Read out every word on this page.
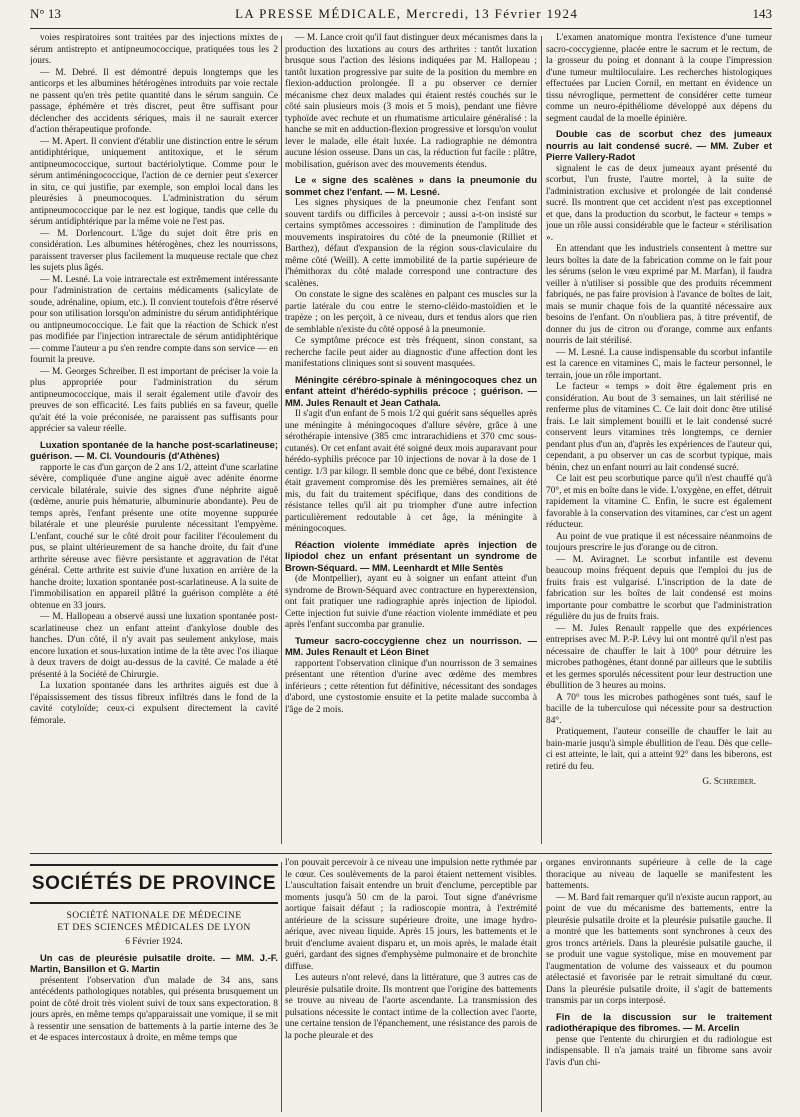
N° 13	LA PRESSE MÉDICALE, Mercredi, 13 Février 1924	143

voies respiratoires sont traitées par des injections mixtes de sérum antistrepto et antipneumococcique, pratiquées tous les 2 jours.

— M. Debré. Il est démontré depuis longtemps que les anticorps et les albumines hétérogènes introduits par voie rectale ne passent qu'en très petite quantité dans le sérum sanguin. Ce passage, éphémère et très discret, peut être suffisant pour déclencher des accidents sériques, mais il ne saurait exercer d'action thérapeutique profonde.

— M. Apert. Il convient d'établir une distinction entre le sérum antidiphtérique, uniquement antitoxique, et le sérum antipneumococcique, surtout bactériolytique. Comme pour le sérum antiméningococcique, l'action de ce dernier peut s'exercer in situ, ce qui justifie, par exemple, son emploi local dans les pleurésies à pneumocoques. L'administration du sérum antipneumococcique par le nez est logique, tandis que celle du sérum antidiphtérique par la même voie ne l'est pas.

— M. Dorlencourt. L'âge du sujet doit être pris en considération. Les albumines hétérogènes, chez les nourrissons, paraissent traverser plus facilement la muqueuse rectale que chez les sujets plus âgés.

— M. Lesné. La voie intrarectale est extrêmement intéressante pour l'administration de certains médicaments (salicylate de soude, adrénaline, opium, etc.). Il convient toutefois d'être réservé pour son utilisation lorsqu'on administre du sérum antidiphtérique ou antipneumococcique. Le fait que la réaction de Schick n'est pas modifiée par l'injection intrarectale de sérum antidiphtérique — comme l'auteur a pu s'en rendre compte dans son service — en fournit la preuve.

— M. Georges Schreiber. Il est important de préciser la voie la plus appropriée pour l'administration du sérum antipneumococcique, mais il serait également utile d'avoir des preuves de son efficacité. Les faits publiés en sa faveur, quelle qu'ait été la voie préconisée, ne paraissent pas suffisants pour apprécier sa valeur réelle.

Luxation spontanée de la hanche post-scarlatineuse; guérison. — M. Cl. Voundouris (d'Athènes)

rapporte le cas d'un garçon de 2 ans 1/2, atteint d'une scarlatine sévère, compliquée d'une angine aiguë avec adénite énorme cervicale bilatérale, suivie des signes d'une néphrite aiguë (œdème, anurie puis hématurie, albuminurie abondante). Peu de temps après, l'enfant présente une otite moyenne suppurée bilatérale et une pleurésie purulente nécessitant l'empyème. L'enfant, couché sur le côté droit pour faciliter l'écoulement du pus, se plaint ultérieurement de sa hanche droite, du fait d'une arthrite séreuse avec fièvre persistante et aggravation de l'état général. Cette arthrite est suivie d'une luxation en arrière de la hanche droite; luxation spontanée post-scarlatineuse. A la suite de l'immobilisation en appareil plâtré la guérison complète a été obtenue en 33 jours.

— M. Hallopeau a observé aussi une luxation spontanée post-scarlatineuse chez un enfant atteint d'ankylose double des hanches. D'un côté, il n'y avait pas seulement ankylose, mais encore luxation et sous-luxation intime de la tête avec l'os iliaque à deux travers de doigt au-dessus de la cavité. Ce malade a été présenté à la Société de Chirurgie.

La luxation spontanée dans les arthrites aiguës est due à l'épaississement des tissus fibreux infiltrés dans le fond de la cavité cotyloïde; ceux-ci expulsent directement la cavité fémorale.

— M. Lance croit qu'il faut distinguer deux mécanismes dans la production des luxations au cours des arthrites : tantôt luxation brusque sous l'action des lésions indiquées par M. Hallopeau ; tantôt luxation progressive par suite de la position du membre en flexion-adduction prolongée. Il a pu observer ce dernier mécanisme chez deux malades qui étaient restés couchés sur le côté sain plusieurs mois (3 mois et 5 mois), pendant une fièvre typhoïde avec rechute et un rhumatisme articulaire généralisé : la hanche se mit en adduction-flexion progressive et lorsqu'on voulut lever le malade, elle était luxée. La radiographie ne démontra aucune lésion osseuse. Dans un cas, la réduction fut facile : plâtre, mobilisation, guérison avec des mouvements étendus.

Le « signe des scalènes » dans la pneumonie du sommet chez l'enfant. — M. Lesné.

Les signes physiques de la pneumonie chez l'enfant sont souvent tardifs ou difficiles à percevoir ; aussi a-t-on insisté sur certains symptômes accessoires : diminution de l'amplitude des mouvements inspiratoires du côté de la pneumonie (Rilliet et Barthez), défaut d'expansion de la région sous-claviculaire du même côté (Weill). A cette immobilité de la partie supérieure de l'hémithorax du côté malade correspond une contracture des scalènes.

On constate le signe des scalènes en palpant ces muscles sur la partie latérale du cou entre le sterno-cléido-mastoïdien et le trapèze ; on les perçoit, à ce niveau, durs et tendus alors que rien de semblable n'existe du côté opposé à la pneumonie.

Ce symptôme précoce est très fréquent, sinon constant, sa recherche facile peut aider au diagnostic d'une affection dont les manifestations cliniques sont si souvent masquées.

Méningite cérébro-spinale à méningocoques chez un enfant atteint d'hérédo-syphilis précoce ; guérison. — MM. Jules Renault et Jean Cathala.

Il s'agit d'un enfant de 5 mois 1/2 qui guérit sans séquelles après une méningite à méningocoques d'allure sévère, grâce à une sérothérapie intensive (385 cmc intrarachidiens et 370 cmc sous-cutanés). Or cet enfant avait été soigné deux mois auparavant pour hérédo-syphilis précoce par 10 injections de novar à la dose de 1 centigr. 1/3 par kilogr. Il semble donc que ce bébé, dont l'existence était gravement compromise dès les premières semaines, ait été mis, du fait du traitement spécifique, dans des conditions de résistance telles qu'il ait pu triompher d'une autre infection particulièrement redoutable à cet âge, la méningite à méningocoques.

Réaction violente immédiate après injection de lipiodol chez un enfant présentant un syndrome de Brown-Séquard. — MM. Leenhardt et Mlle Sentès

(de Montpellier), ayant eu à soigner un enfant atteint d'un syndrome de Brown-Séquard avec contracture en hyperextension, ont fait pratiquer une radiographie après injection de lipiodol. Cette injection fut suivie d'une réaction violente immédiate et peu après l'enfant succomba par granulie.

Tumeur sacro-coccygienne chez un nourrisson. — MM. Jules Renault et Léon Binet

rapportent l'observation clinique d'un nourrisson de 3 semaines présentant une rétention d'urine avec œdème des membres inférieurs ; cette rétention fut définitive, nécessitant des sondages d'abord, une cystostomie ensuite et la petite malade succomba à l'âge de 2 mois.

L'examen anatomique montra l'existence d'une tumeur sacro-coccygienne, placée entre le sacrum et le rectum, de la grosseur du poing et donnant à la coupe l'impression d'une tumeur multiloculaire. Les recherches histologiques effectuées par Lucien Cornil, en mettant en évidence un tissu névroglique, permettent de considérer cette tumeur comme un neuro-épithéliome développé aux dépens du segment caudal de la moelle épinière.

Double cas de scorbut chez des jumeaux nourris au lait condensé sucré. — MM. Zuber et Pierre Vallery-Radot

signalent le cas de deux jumeaux ayant présenté du scorbut, l'un fruste, l'autre mortel, à la suite de l'administration exclusive et prolongée de lait condensé sucré. Ils montrent que cet accident n'est pas exceptionnel et que, dans la production du scorbut, le facteur « temps » joue un rôle aussi considérable que le facteur « stérilisation ».

En attendant que les industriels consentent à mettre sur leurs boîtes la date de la fabrication comme on le fait pour les sérums (selon le vœu exprimé par M. Marfan), il faudra veiller à n'utiliser si possible que des produits récemment fabriqués, ne pas faire provision à l'avance de boîtes de lait, mais se munir chaque fois de la quantité nécessaire aux besoins de l'enfant. On n'oubliera pas, à titre préventif, de donner du jus de citron ou d'orange, comme aux enfants nourris de lait stérilisé.

— M. Lesné. La cause indispensable du scorbut infantile est la carence en vitamines C, mais le facteur personnel, le terrain, joue un rôle important.

Le facteur « temps » doit être également pris en considération. Au bout de 3 semaines, un lait stérilisé ne renferme plus de vitamines C. Ce lait doit donc être utilisé frais. Le lait simplement bouilli et le lait condensé sucré conservent leurs vitamines très longtemps, ce dernier pendant plus d'un an, d'après les expériences de l'auteur qui, cependant, a pu observer un cas de scorbut typique, mais bénin, chez un enfant nourri au lait condensé sucré.

Ce lait est peu scorbutique parce qu'il n'est chauffé qu'à 70°, et mis en boîte dans le vide. L'oxygène, en effet, détruit rapidement la vitamine C. Enfin, le sucre est également favorable à la conservation des vitamines, car c'est un agent réducteur.

Au point de vue pratique il est nécessaire néanmoins de toujours prescrire le jus d'orange ou de citron.

— M. Aviragnet. Le scorbut infantile est devenu beaucoup moins fréquent depuis que l'emploi du jus de fruits frais est vulgarisé. L'inscription de la date de fabrication sur les boîtes de lait condensé est moins importante pour combattre le scorbut que l'administration régulière du jus de fruits frais.

— M. Jules Renault rappelle que des expériences entreprises avec M. P.-P. Lévy lui ont montré qu'il n'est pas nécessaire de chauffer le lait à 100° pour détruire les microbes pathogènes, étant donné par ailleurs que le subtilis et les germes sporulés nécessitent pour leur destruction une ébullition de 3 heures au moins.

A 70° tous les microbes pathogènes sont tués, sauf le bacille de la tuberculose qui nécessite pour sa destruction 84°.

Pratiquement, l'auteur conseille de chauffer le lait au bain-marie jusqu'à simple ébullition de l'eau. Dès que celle-ci est atteinte, le lait, qui a atteint 92° dans les biberons, est retiré du feu.

G. Schreiber.
SOCIÉTÉS DE PROVINCE
SOCIÉTÉ NATIONALE DE MÉDECINE
ET DES SCIENCES MÉDICALES DE LYON
6 Février 1924.
Un cas de pleurésie pulsatile droite. — MM. J.-F. Martin, Bansillon et G. Martin

présentent l'observation d'un malade de 34 ans, sans antécédents pathologiques notables, qui présenta brusquement un point de côté droit très violent suivi de toux sans expectoration. 8 jours après, en même temps qu'apparaissait une vomique, il se mit à ressentir une sensation de battements à la partie interne des 3e et 4e espaces intercostaux à droite, en même temps que

l'on pouvait percevoir à ce niveau une impulsion nette rythmée par le cœur. Ces soulèvements de la paroi étaient nettement visibles. L'auscultation faisait entendre un bruit d'enclume, perceptible par moments jusqu'à 50 cm de la paroi. Tout signe d'anévrisme aortique faisait défaut ; la radioscopie montra, à l'extrémité antérieure de la scissure supérieure droite, une image hydro-aérique, avec niveau liquide. Après 15 jours, les battements et le bruit d'enclume avaient disparu et, un mois après, le malade était guéri, gardant des signes d'emphysème pulmonaire et de bronchite diffuse.

Les auteurs n'ont relevé, dans la littérature, que 3 autres cas de pleurésie pulsatile droite. Ils montrent que l'origine des battements se trouve au niveau de l'aorte ascendante. La transmission des pulsations nécessite le contact intime de la collection avec l'aorte, une certaine tension de l'épanchement, une résistance des parois de la poche pleurale et des

organes environnants supérieure à celle de la cage thoracique au niveau de laquelle se manifestent les battements.

— M. Bard fait remarquer qu'il n'existe aucun rapport, au point de vue du mécanisme des battements, entre la pleurésie pulsatile droite et la pleurésie pulsatile gauche. Il a montré que les battements sont synchrones à ceux des gros troncs artériels. Dans la pleurésie pulsatile gauche, il se produit une vague systolique, mise en mouvement par l'augmentation de volume des vaisseaux et du poumon atélectasié et favorisée par le retrait simultané du cœur. Dans la pleurésie pulsatile droite, il s'agit de battements transmis par un corps interposé.

Fin de la discussion sur le traitement radiothérapique des fibromes. — M. Arcelin

pense que l'entente du chirurgien et du radiologue est indispensable. Il n'a jamais traité un fibrome sans avoir l'avis d'un chi-
